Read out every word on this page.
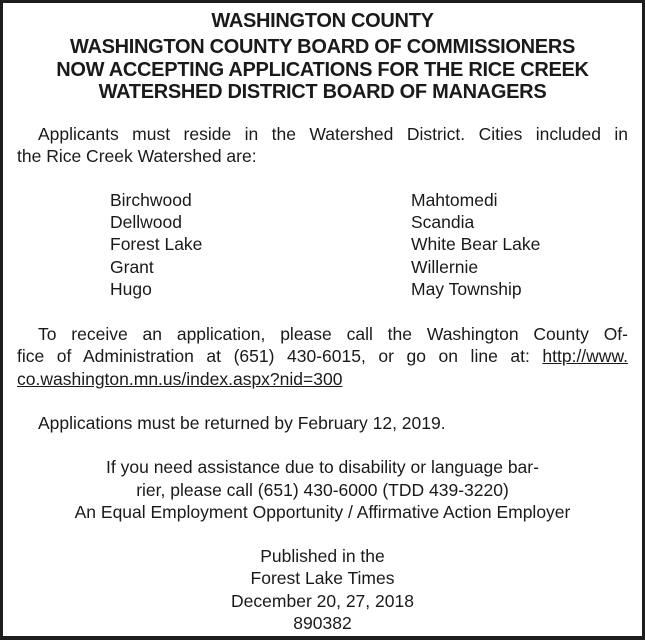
WASHINGTON COUNTY
WASHINGTON COUNTY BOARD OF COMMISSIONERS
NOW ACCEPTING APPLICATIONS FOR THE RICE CREEK
WATERSHED DISTRICT BOARD OF MANAGERS
Applicants must reside in the Watershed District. Cities included in
the Rice Creek Watershed are:
Birchwood
Dellwood
Forest Lake
Grant
Hugo
Mahtomedi
Scandia
White Bear Lake
Willernie
May Township
To receive an application, please call the Washington County Of-
fice of Administration at (651) 430-6015, or go on line at: http://www.
co.washington.mn.us/index.aspx?nid=300
Applications must be returned by February 12, 2019.
If you need assistance due to disability or language bar-
rier, please call (651) 430-6000 (TDD 439-3220)
An Equal Employment Opportunity / Affirmative Action Employer
Published in the
Forest Lake Times
December 20, 27, 2018
890382
